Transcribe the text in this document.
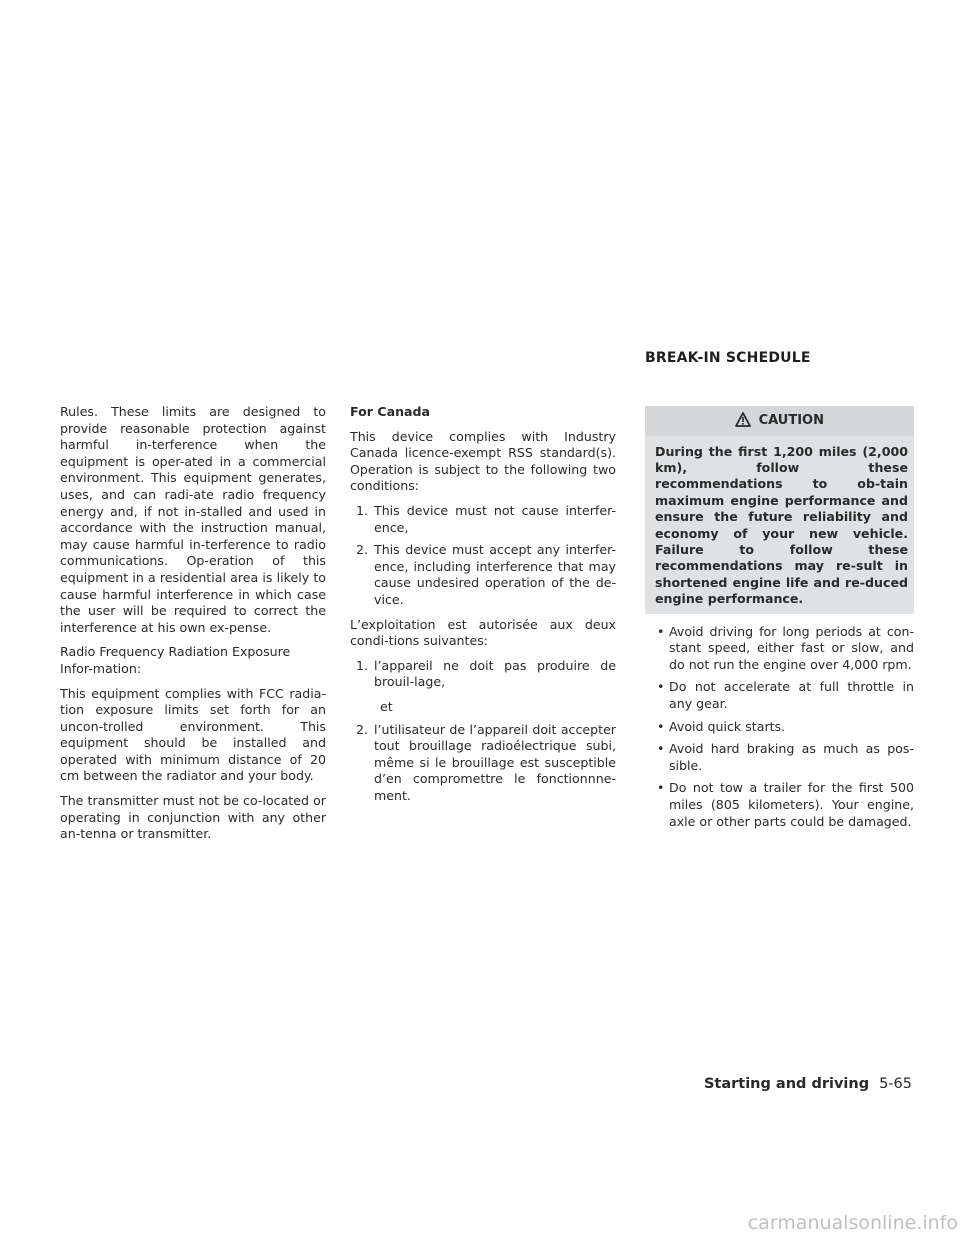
Rules. These limits are designed to provide reasonable protection against harmful in-terference when the equipment is oper-ated in a commercial environment. This equipment generates, uses, and can radi-ate radio frequency energy and, if not in-stalled and used in accordance with the instruction manual, may cause harmful in-terference to radio communications. Op-eration of this equipment in a residential area is likely to cause harmful interference in which case the user will be required to correct the interference at his own ex-pense.

Radio Frequency Radiation Exposure Infor-mation:

This equipment complies with FCC radia-tion exposure limits set forth for an uncon-trolled environment. This equipment should be installed and operated with minimum distance of 20 cm between the radiator and your body.

The transmitter must not be co-located or operating in conjunction with any other an-tenna or transmitter.

For Canada

This device complies with Industry Canada licence-exempt RSS standard(s). Operation is subject to the following two conditions:

1. This device must not cause interfer-ence,
2. This device must accept any interfer-ence, including interference that may cause undesired operation of the de-vice.

L’exploitation est autorisée aux deux condi-tions suivantes:

1. l’appareil ne doit pas produire de brouil-lage,
et
2. l’utilisateur de l’appareil doit accepter tout brouillage radioélectrique subi, même si le brouillage est susceptible d’en compromettre le fonctionnne-ment.
BREAK-IN SCHEDULE
CAUTION
During the first 1,200 miles (2,000 km), follow these recommendations to ob-tain maximum engine performance and ensure the future reliability and economy of your new vehicle. Failure to follow these recommendations may re-sult in shortened engine life and re-duced engine performance.
• Avoid driving for long periods at con-stant speed, either fast or slow, and do not run the engine over 4,000 rpm.
• Do not accelerate at full throttle in any gear.
• Avoid quick starts.
• Avoid hard braking as much as pos-sible.
• Do not tow a trailer for the first 500 miles (805 kilometers). Your engine, axle or other parts could be damaged.
Starting and driving 5-65
carmanualsonline.info
